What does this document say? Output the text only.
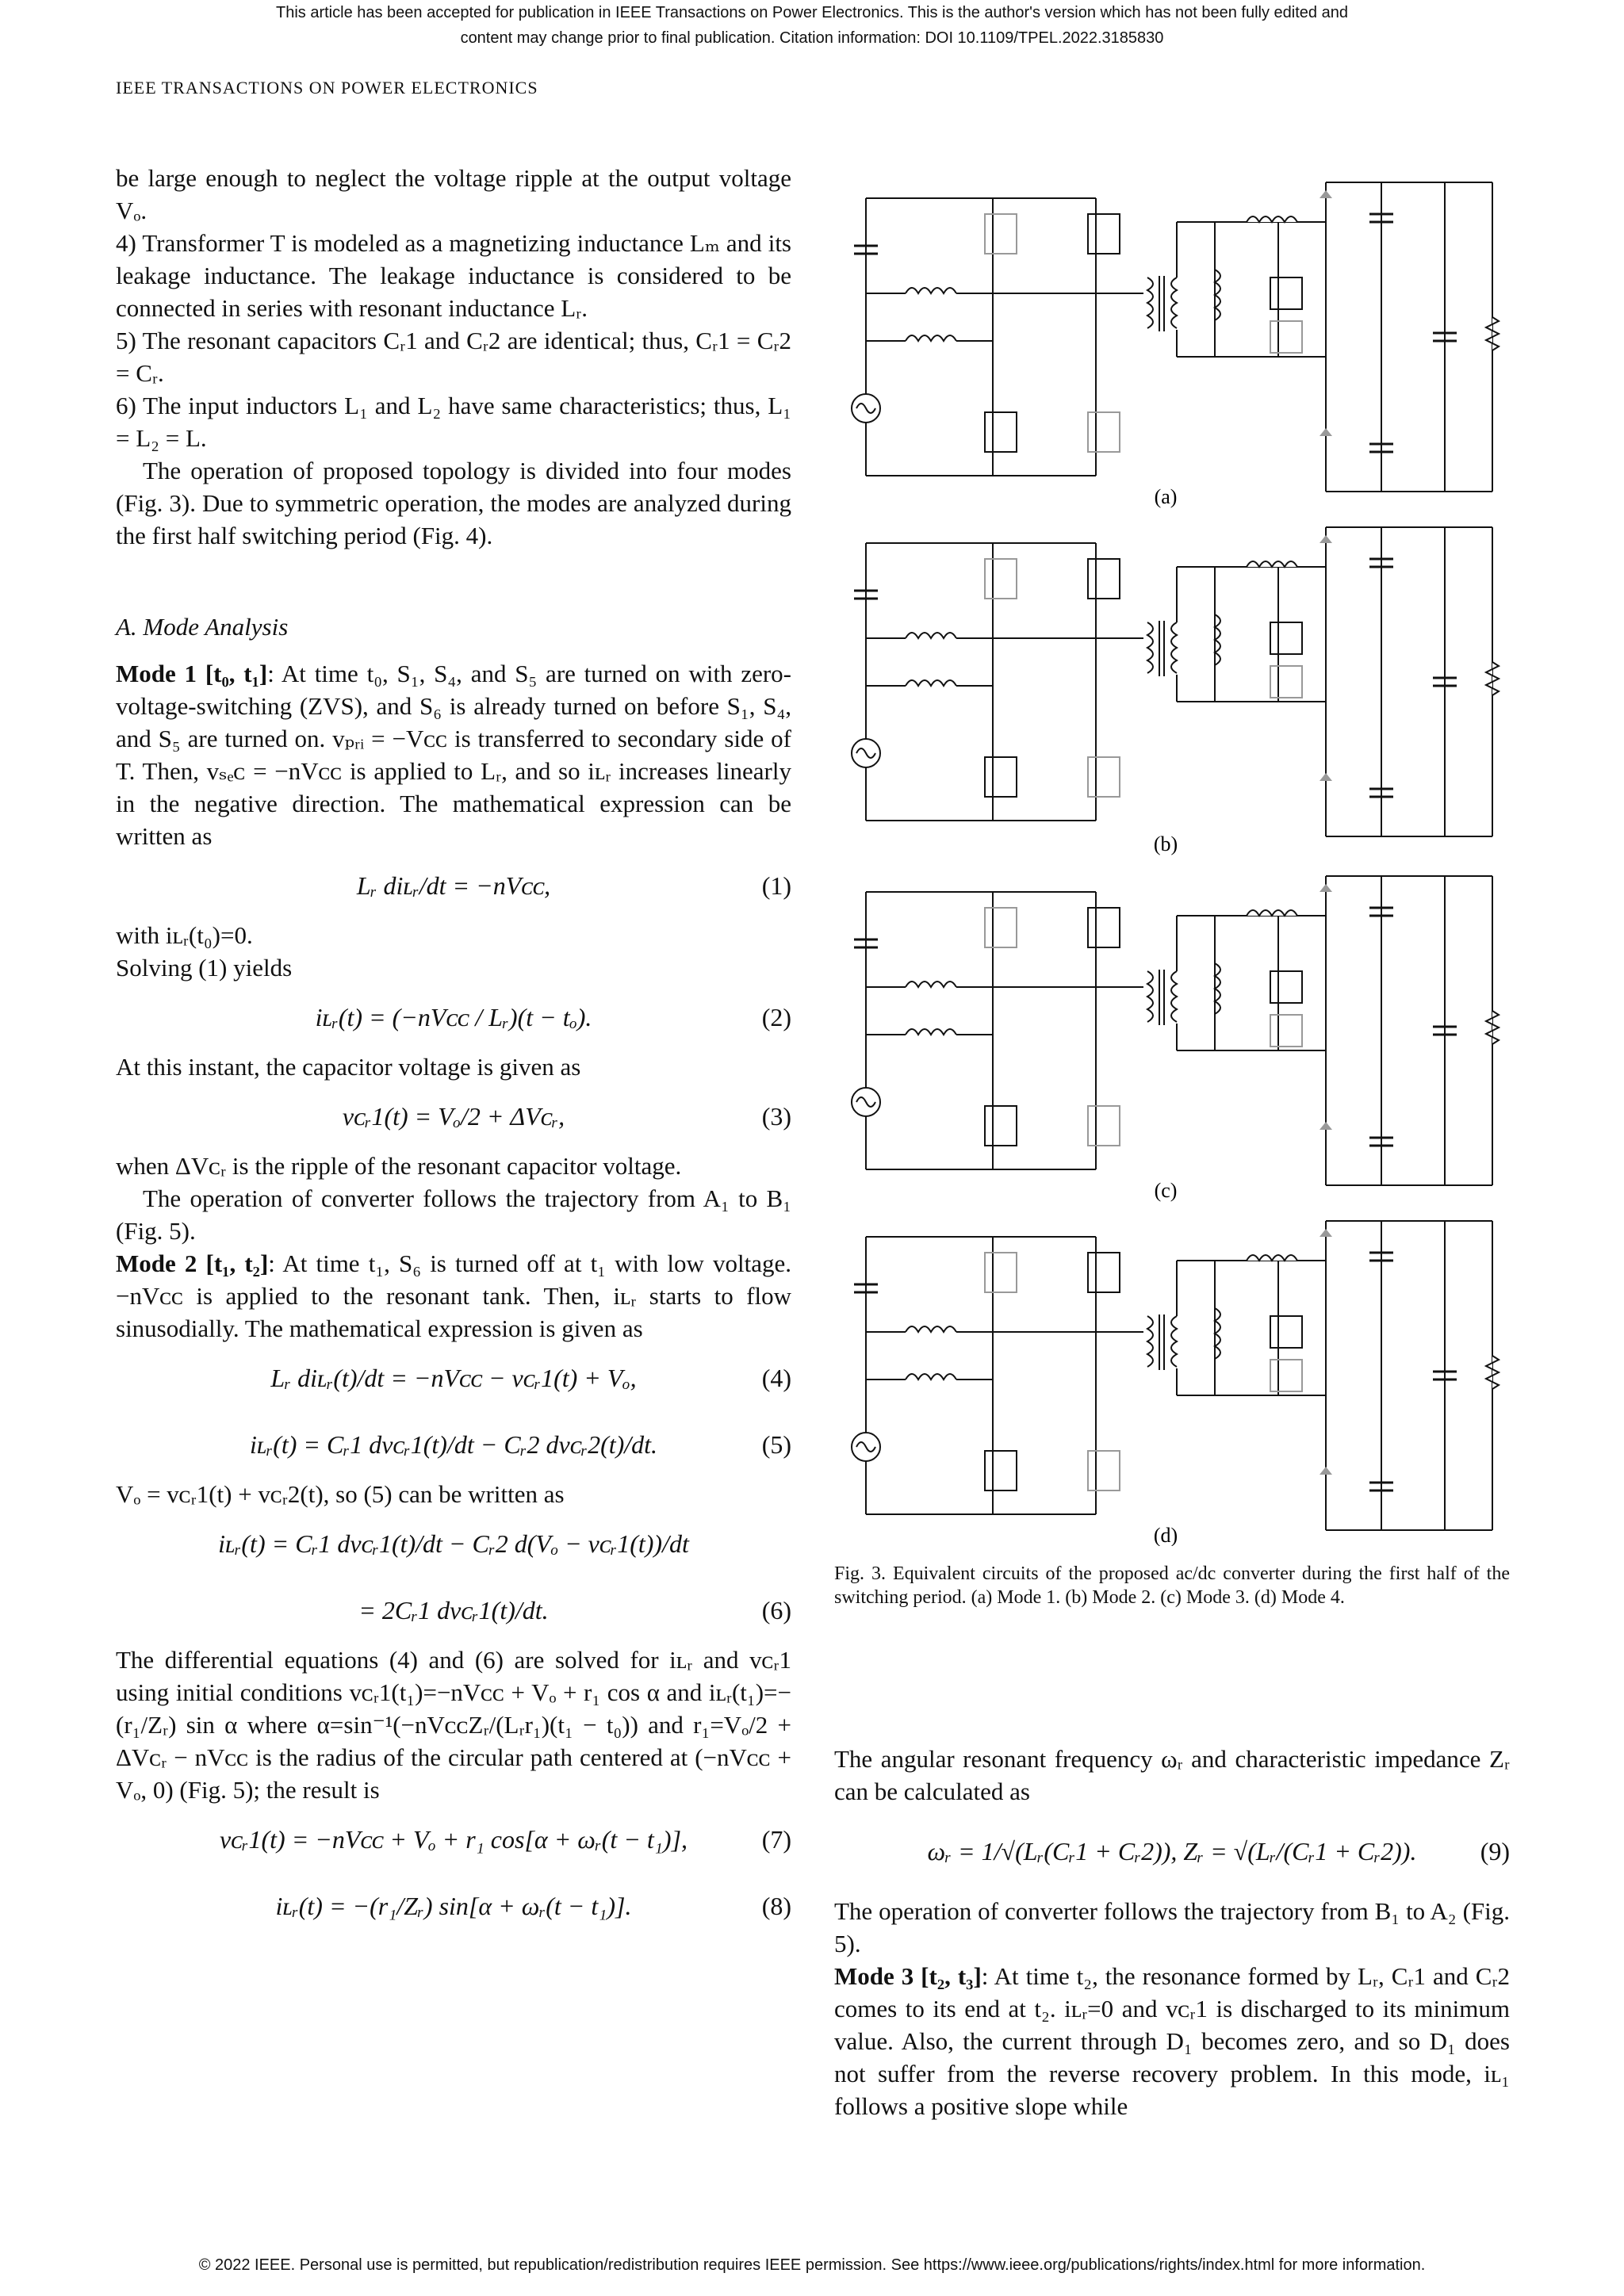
This article has been accepted for publication in IEEE Transactions on Power Electronics. This is the author's version which has not been fully edited and
content may change prior to final publication. Citation information: DOI 10.1109/TPEL.2022.3185830
IEEE TRANSACTIONS ON POWER ELECTRONICS

be large enough to neglect the voltage ripple at the output voltage Vₒ.

4) Transformer T is modeled as a magnetizing inductance Lₘ and its leakage inductance. The leakage inductance is considered to be connected in series with resonant inductance Lᵣ.

5) The resonant capacitors Cᵣ1 and Cᵣ2 are identical; thus, Cᵣ1 = Cᵣ2 = Cᵣ.

6) The input inductors L₁ and L₂ have same characteristics; thus, L₁ = L₂ = L.

The operation of proposed topology is divided into four modes (Fig. 3). Due to symmetric operation, the modes are analyzed during the first half switching period (Fig. 4).

A. Mode Analysis

Mode 1 [t₀, t₁]: At time t₀, S₁, S₄, and S₅ are turned on with zero-voltage-switching (ZVS), and S₆ is already turned on before S₁, S₄, and S₅ are turned on. vₚᵣᵢ = −Vᴄᴄ is transferred to secondary side of T. Then, vₛₑᴄ = −nVᴄᴄ is applied to Lᵣ, and so iʟᵣ increases linearly in the negative direction. The mathematical expression can be written as

Lᵣ diʟᵣ/dt = −nVᴄᴄ,	(1)

with iʟᵣ(t₀)=0.

Solving (1) yields

iʟᵣ(t) = (−nVᴄᴄ / Lᵣ)(t − tₒ).	(2)

At this instant, the capacitor voltage is given as

vᴄᵣ1(t) = Vₒ/2 + ΔVᴄᵣ,	(3)

when ΔVᴄᵣ is the ripple of the resonant capacitor voltage.

The operation of converter follows the trajectory from A₁ to B₁ (Fig. 5).

Mode 2 [t₁, t₂]: At time t₁, S₆ is turned off at t₁ with low voltage. −nVᴄᴄ is applied to the resonant tank. Then, iʟᵣ starts to flow sinusodially. The mathematical expression is given as

Lᵣ diʟᵣ(t)/dt = −nVᴄᴄ − vᴄᵣ1(t) + Vₒ,	(4)
iʟᵣ(t) = Cᵣ1 dvᴄᵣ1(t)/dt − Cᵣ2 dvᴄᵣ2(t)/dt.	(5)

Vₒ = vᴄᵣ1(t) + vᴄᵣ2(t), so (5) can be written as

iʟᵣ(t) = Cᵣ1 dvᴄᵣ1(t)/dt − Cᵣ2 d(Vₒ − vᴄᵣ1(t))/dt
= 2Cᵣ1 dvᴄᵣ1(t)/dt.	(6)

The differential equations (4) and (6) are solved for iʟᵣ and vᴄᵣ1 using initial conditions vᴄᵣ1(t₁)=−nVᴄᴄ + Vₒ + r₁ cos α and iʟᵣ(t₁)=−(r₁/Zᵣ) sin α where α=sin⁻¹(−nVᴄᴄZᵣ/(Lᵣr₁)(t₁ − t₀)) and r₁=Vₒ/2 + ΔVᴄᵣ − nVᴄᴄ is the radius of the circular path centered at (−nVᴄᴄ + Vₒ, 0) (Fig. 5); the result is

vᴄᵣ1(t) = −nVᴄᴄ + Vₒ + r₁ cos[α + ωᵣ(t − t₁)],	(7)
iʟᵣ(t) = −(r₁/Zᵣ) sin[α + ωᵣ(t − t₁)].	(8)
(a)
(b)
(c)
(d)
Fig. 3. Equivalent circuits of the proposed ac/dc converter during the first half of the switching period. (a) Mode 1. (b) Mode 2. (c) Mode 3. (d) Mode 4.

The angular resonant frequency ωᵣ and characteristic impedance Zᵣ can be calculated as

ωᵣ = 1/√(Lᵣ(Cᵣ1 + Cᵣ2)), Zᵣ = √(Lᵣ/(Cᵣ1 + Cᵣ2)).	(9)

The operation of converter follows the trajectory from B₁ to A₂ (Fig. 5).

Mode 3 [t₂, t₃]: At time t₂, the resonance formed by Lᵣ, Cᵣ1 and Cᵣ2 comes to its end at t₂. iʟᵣ=0 and vᴄᵣ1 is discharged to its minimum value. Also, the current through D₁ becomes zero, and so D₁ does not suffer from the reverse recovery problem. In this mode, iʟ₁ follows a positive slope while

© 2022 IEEE. Personal use is permitted, but republication/redistribution requires IEEE permission. See https://www.ieee.org/publications/rights/index.html for more information.
